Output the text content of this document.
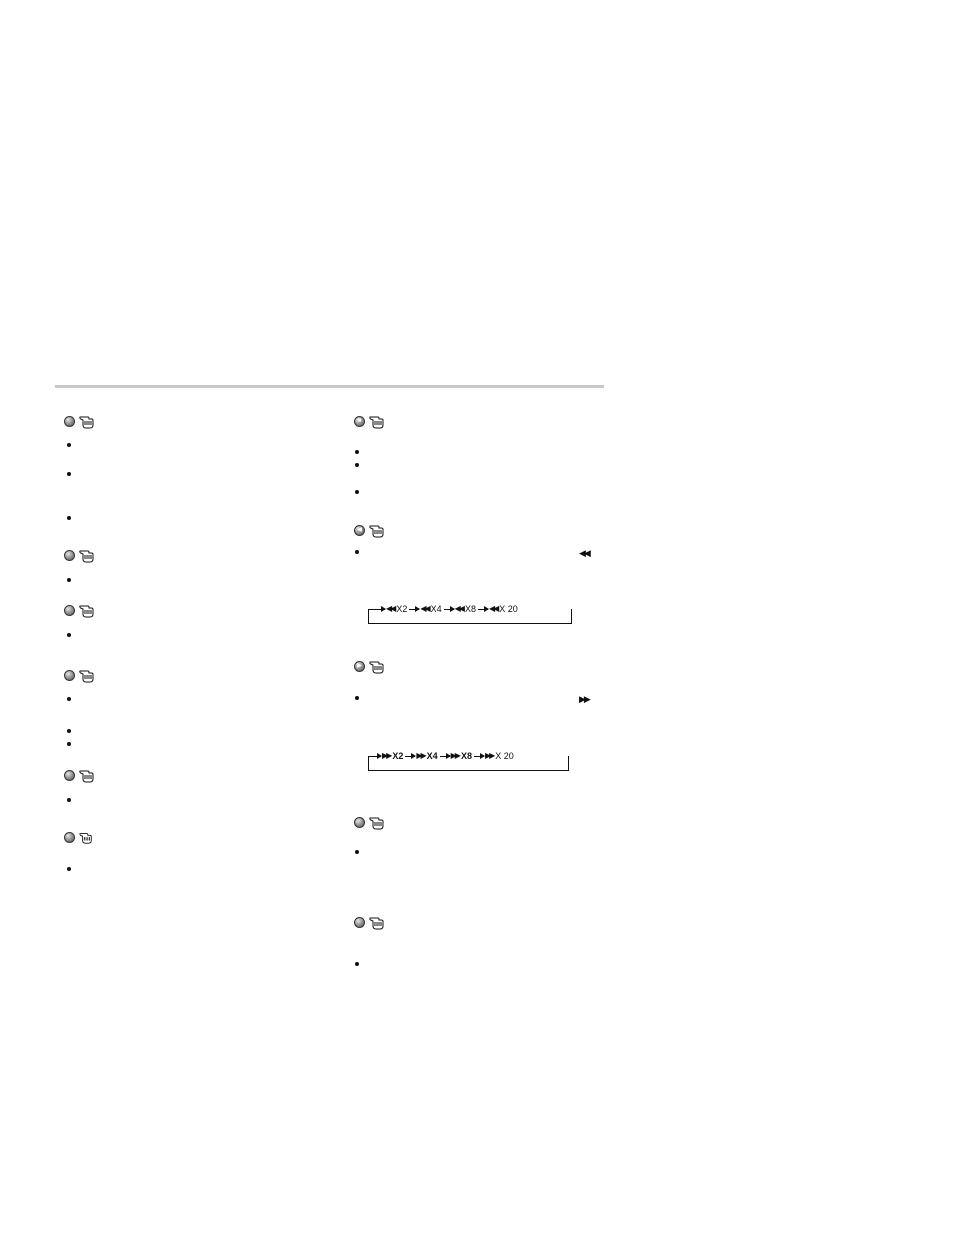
■
◀
◀◀
◀◀ X2 ◀◀ X4 ◀◀ X8 ◀◀ X 20
▶
▶▶
▶▶ X2 ▶▶ X4 ▶▶ X8 ▶▶ X 20
